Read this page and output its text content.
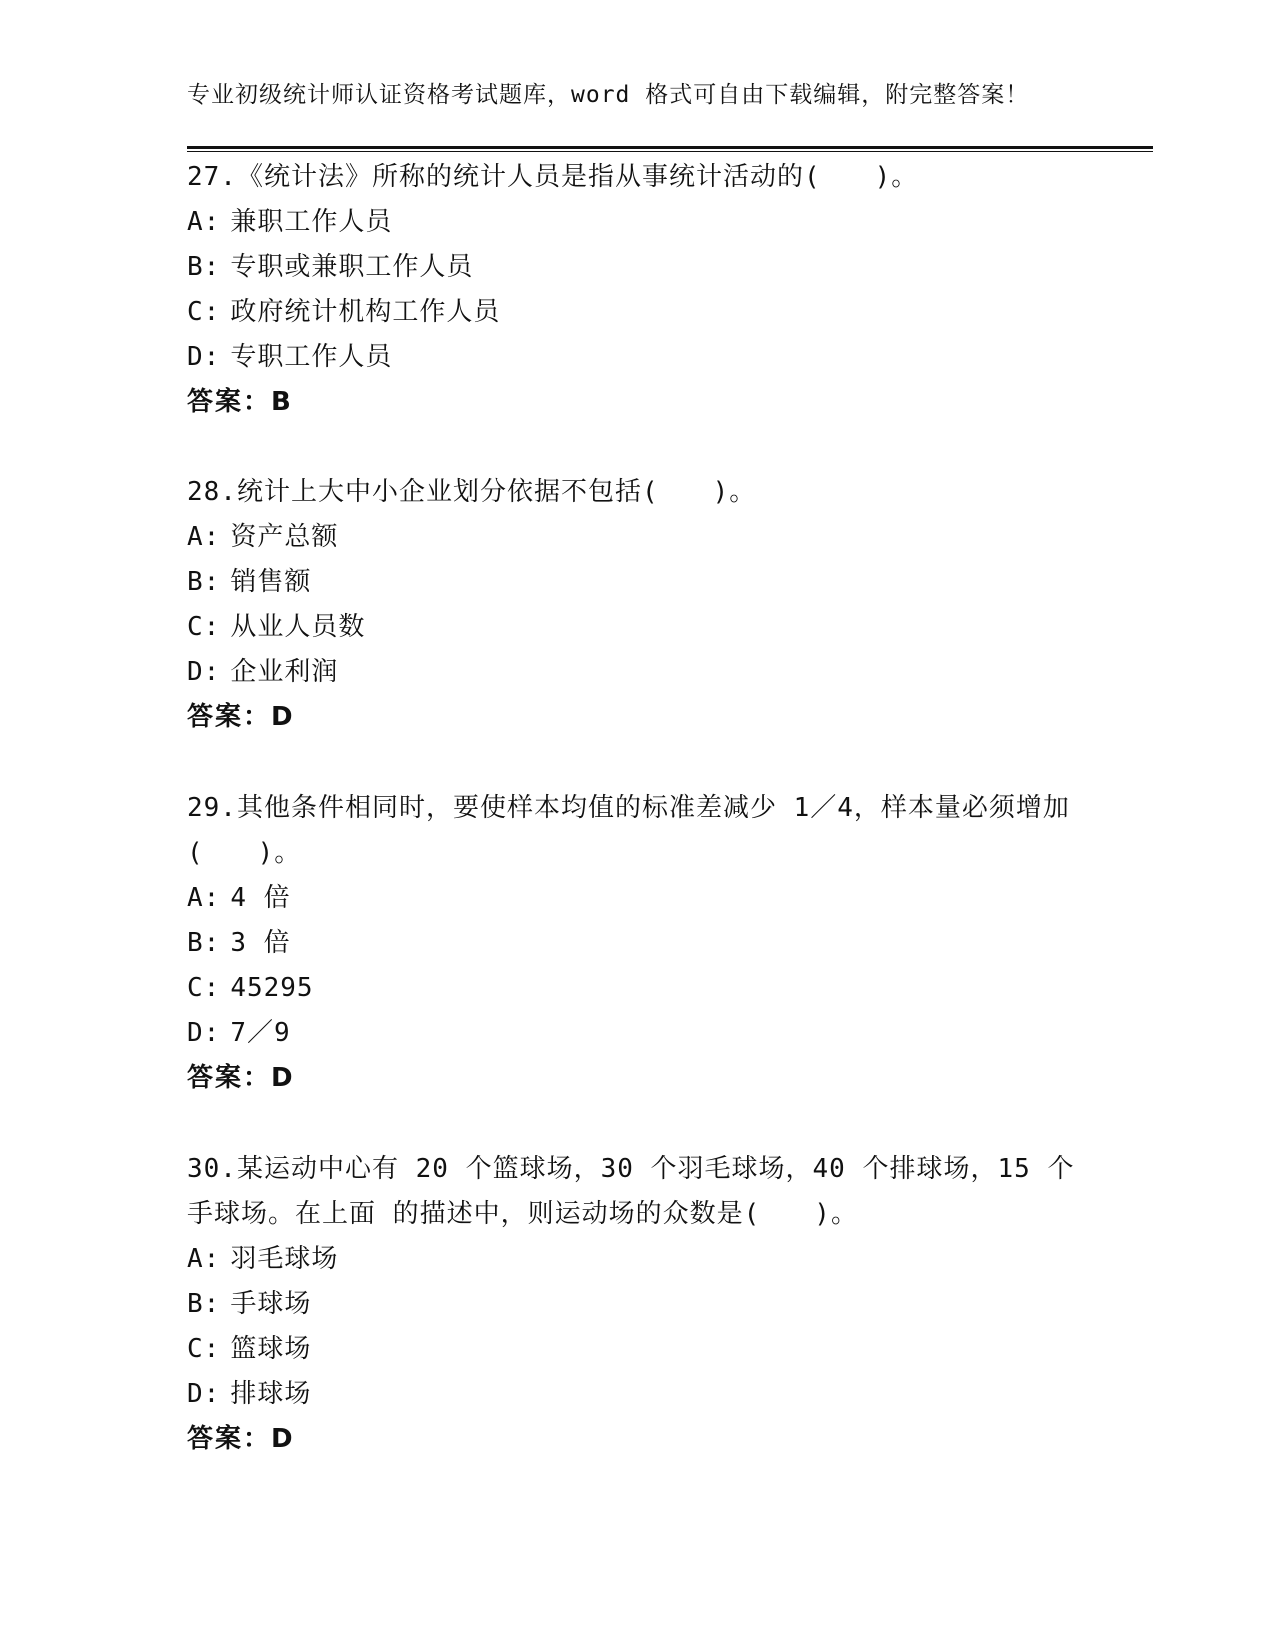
专业初级统计师认证资格考试题库，word 格式可自由下载编辑，附完整答案！
27.《统计法》所称的统计人员是指从事统计活动的(　　)。
A: 兼职工作人员
B: 专职或兼职工作人员
C: 政府统计机构工作人员
D: 专职工作人员
答案：B
28.统计上大中小企业划分依据不包括(　　)。
A: 资产总额
B: 销售额
C: 从业人员数
D: 企业利润
答案：D
29.其他条件相同时，要使样本均值的标准差减少 1／4，样本量必须增加(　　)。
A: 4 倍
B: 3 倍
C: 45295
D: 7／9
答案：D
30.某运动中心有 20 个篮球场，30 个羽毛球场，40 个排球场，15 个手球场。在上面 的描述中，则运动场的众数是(　　)。
A: 羽毛球场
B: 手球场
C: 篮球场
D: 排球场
答案：D
